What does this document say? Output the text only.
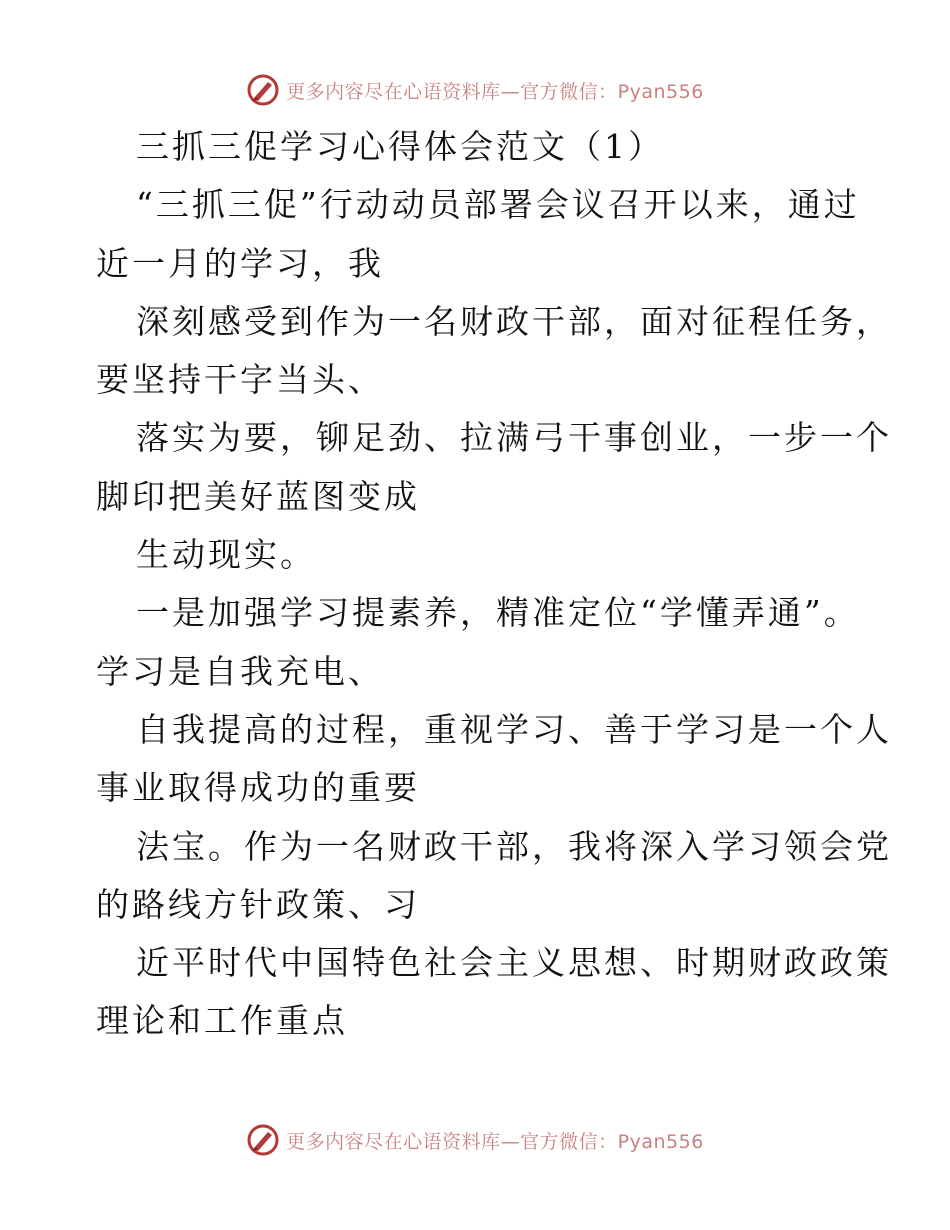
更多内容尽在心语资料库—官方微信：Pyan556
三抓三促学习心得体会范文（1）
“三抓三促”行动动员部署会议召开以来，通过
近一月的学习，我
深刻感受到作为一名财政干部，面对征程任务，
要坚持干字当头、
落实为要，铆足劲、拉满弓干事创业，一步一个
脚印把美好蓝图变成
生动现实。
一是加强学习提素养，精准定位“学懂弄通”。
学习是自我充电、
自我提高的过程，重视学习、善于学习是一个人
事业取得成功的重要
法宝。作为一名财政干部，我将深入学习领会党
的路线方针政策、习
近平时代中国特色社会主义思想、时期财政政策
理论和工作重点
更多内容尽在心语资料库—官方微信：Pyan556
